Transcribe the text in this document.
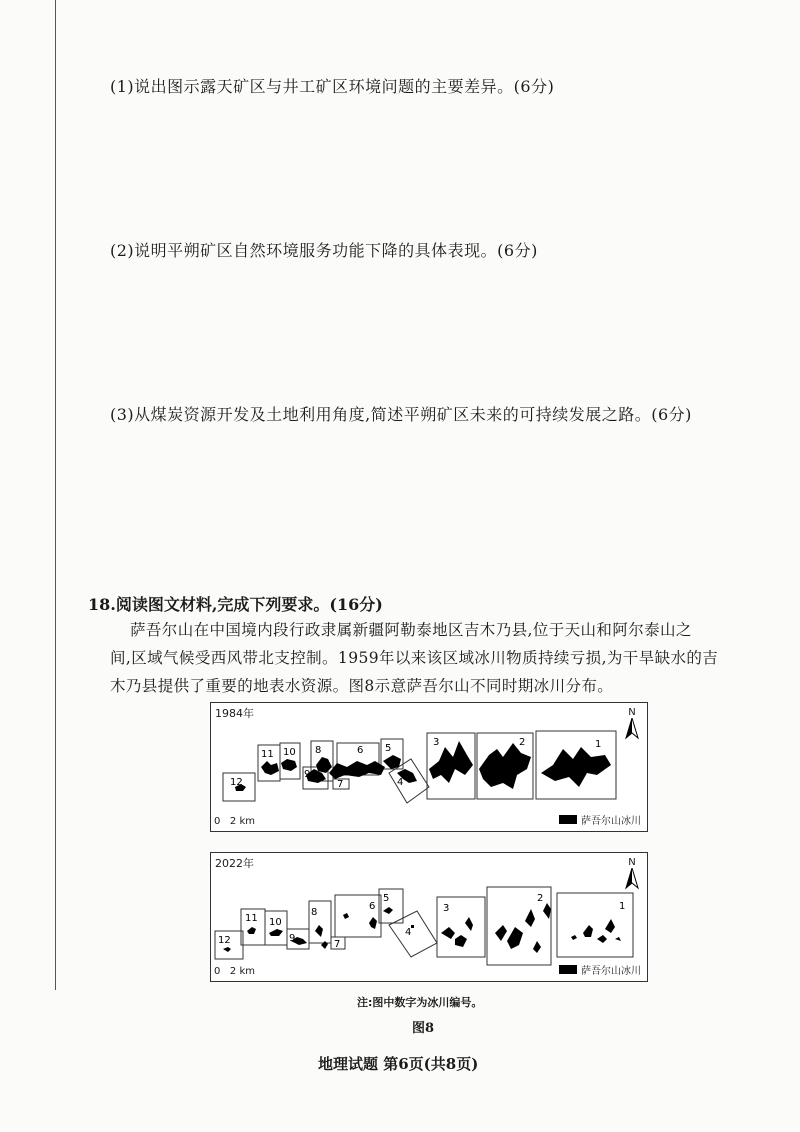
(1)说出图示露天矿区与井工矿区环境问题的主要差异。(6分)
(2)说明平朔矿区自然环境服务功能下降的具体表现。(6分)
(3)从煤炭资源开发及土地利用角度,简述平朔矿区未来的可持续发展之路。(6分)
18.阅读图文材料,完成下列要求。(16分)
萨吾尔山在中国境内段行政隶属新疆阿勒泰地区吉木乃县,位于天山和阿尔泰山之
间,区域气候受西风带北支控制。1959年以来该区域冰川物质持续亏损,为干旱缺水的吉
木乃县提供了重要的地表水资源。图8示意萨吾尔山不同时期冰川分布。
1984年	N
12
11 10
9
8
7
6 5
4
3	2	1
0   2 km	萨吾尔山冰川
2022年	N
12
11 10
9
8
7
6
5
4
3
2
1
0   2 km	萨吾尔山冰川
注:图中数字为冰川编号。
图8
地理试题 第6页(共8页)
